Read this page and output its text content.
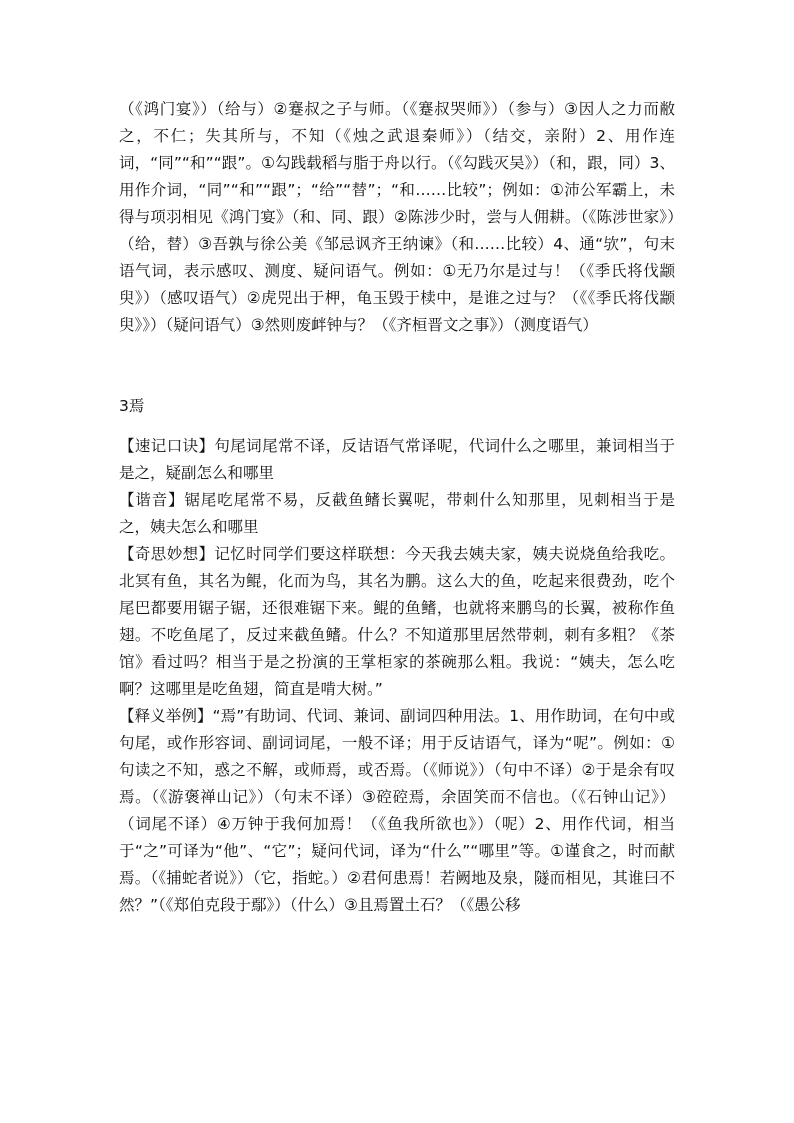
（《鸿门宴》）（给与）②蹇叔之子与师。（《蹇叔哭师》）（参与）③因人之力而敝之，不仁；失其所与，不知（《烛之武退秦师》）（结交，亲附）2、用作连词，“同”“和”“跟”。①勾践载稻与脂于舟以行。（《勾践灭吴》）（和，跟，同）3、用作介词，“同”“和”“跟”；“给”“替”；“和……比较”；例如：①沛公军霸上，未得与项羽相见《鸿门宴》（和、同、跟）②陈涉少时，尝与人佣耕。（《陈涉世家》）（给，替）③吾孰与徐公美《邹忌讽齐王纳谏》（和……比较）4、通“欤”，句末语气词，表示感叹、测度、疑问语气。例如：①无乃尔是过与！（《季氏将伐颛臾》）（感叹语气）②虎兕出于柙，龟玉毁于椟中，是谁之过与？（《《季氏将伐颛臾》》）（疑问语气）③然则废衅钟与？（《齐桓晋文之事》）（测度语气）

3焉

【速记口诀】句尾词尾常不译，反诘语气常译呢，代词什么之哪里，兼词相当于是之，疑副怎么和哪里

【谐音】锯尾吃尾常不易，反截鱼鳍长翼呢，带刺什么知那里，见刺相当于是之，姨夫怎么和哪里

【奇思妙想】记忆时同学们要这样联想：今天我去姨夫家，姨夫说烧鱼给我吃。北冥有鱼，其名为鲲，化而为鸟，其名为鹏。这么大的鱼，吃起来很费劲，吃个尾巴都要用锯子锯，还很难锯下来。鲲的鱼鳍，也就将来鹏鸟的长翼，被称作鱼翅。不吃鱼尾了，反过来截鱼鳍。什么？不知道那里居然带刺，刺有多粗？《茶馆》看过吗？相当于是之扮演的王掌柜家的茶碗那么粗。我说：“姨夫，怎么吃啊？这哪里是吃鱼翅，简直是啃大树。”

【释义举例】“焉”有助词、代词、兼词、副词四种用法。1、用作助词，在句中或句尾，或作形容词、副词词尾，一般不译；用于反诘语气，译为“呢”。例如：①句读之不知，惑之不解，或师焉，或否焉。（《师说》）（句中不译）②于是余有叹焉。（《游褒禅山记》）（句末不译）③硿硿焉，余固笑而不信也。（《石钟山记》）（词尾不译）④万钟于我何加焉！（《鱼我所欲也》）（呢）2、用作代词，相当于“之”可译为“他”、“它”；疑问代词，译为“什么”“哪里”等。①谨食之，时而献焉。（《捕蛇者说》）（它，指蛇。）②君何患焉！若阙地及泉，隧而相见，其谁曰不然？”（《郑伯克段于鄢》）（什么）③且焉置土石？（《愚公移
